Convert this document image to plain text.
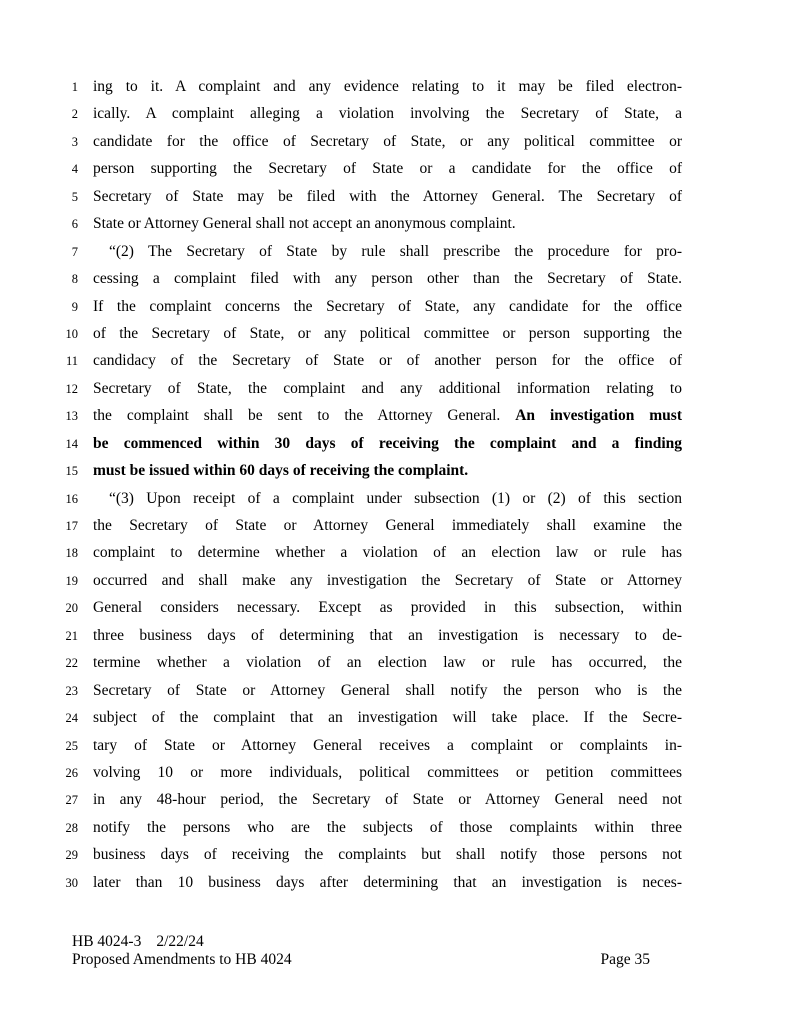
1 ing to it. A complaint and any evidence relating to it may be filed electron-
2 ically. A complaint alleging a violation involving the Secretary of State, a
3 candidate for the office of Secretary of State, or any political committee or
4 person supporting the Secretary of State or a candidate for the office of
5 Secretary of State may be filed with the Attorney General. The Secretary of
6 State or Attorney General shall not accept an anonymous complaint.
7	“(2) The Secretary of State by rule shall prescribe the procedure for pro-
8 cessing a complaint filed with any person other than the Secretary of State.
9 If the complaint concerns the Secretary of State, any candidate for the office
10 of the Secretary of State, or any political committee or person supporting the
11 candidacy of the Secretary of State or of another person for the office of
12 Secretary of State, the complaint and any additional information relating to
13 the complaint shall be sent to the Attorney General. An investigation must
14 be commenced within 30 days of receiving the complaint and a finding
15 must be issued within 60 days of receiving the complaint.
16	“(3) Upon receipt of a complaint under subsection (1) or (2) of this section
17 the Secretary of State or Attorney General immediately shall examine the
18 complaint to determine whether a violation of an election law or rule has
19 occurred and shall make any investigation the Secretary of State or Attorney
20 General considers necessary. Except as provided in this subsection, within
21 three business days of determining that an investigation is necessary to de-
22 termine whether a violation of an election law or rule has occurred, the
23 Secretary of State or Attorney General shall notify the person who is the
24 subject of the complaint that an investigation will take place. If the Secre-
25 tary of State or Attorney General receives a complaint or complaints in-
26 volving 10 or more individuals, political committees or petition committees
27 in any 48-hour period, the Secretary of State or Attorney General need not
28 notify the persons who are the subjects of those complaints within three
29 business days of receiving the complaints but shall notify those persons not
30 later than 10 business days after determining that an investigation is neces-
HB 4024-3 2/22/24
Proposed Amendments to HB 4024	Page 35
